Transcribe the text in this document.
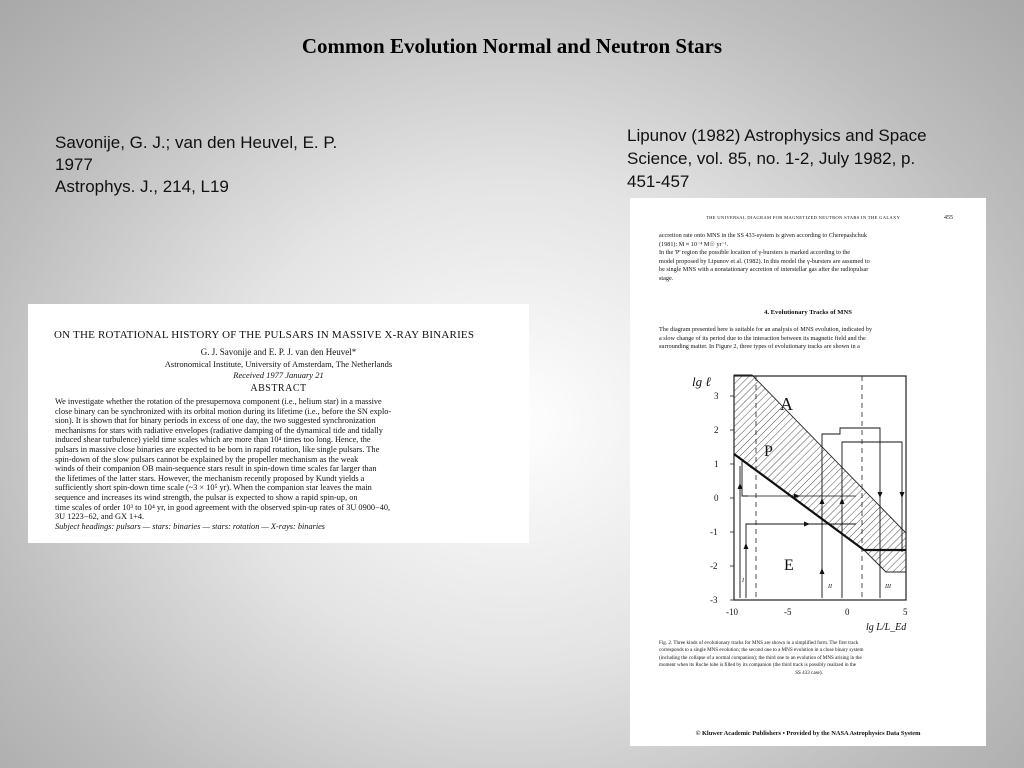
Common Evolution Normal and Neutron Stars
Savonije, G. J.; van den Heuvel, E. P.
1977
Astrophys. J., 214, L19
Lipunov (1982) Astrophysics and Space
Science, vol. 85, no. 1-2, July 1982, p.
451-457
ON THE ROTATIONAL HISTORY OF THE PULSARS IN MASSIVE X-RAY BINARIES
G. J. Savonije and E. P. J. van den Heuvel*
Astronomical Institute, University of Amsterdam, The Netherlands
Received 1977 January 21
ABSTRACT
We investigate whether the rotation of the presupernova component (i.e., helium star) in a massive
close binary can be synchronized with its orbital motion during its lifetime (i.e., before the SN explo-
sion). It is shown that for binary periods in excess of one day, the two suggested synchronization
mechanisms for stars with radiative envelopes (radiative damping of the dynamical tide and tidally
induced shear turbulence) yield time scales which are more than 10⁴ times too long. Hence, the
pulsars in massive close binaries are expected to be born in rapid rotation, like single pulsars. The
spin-down of the slow pulsars cannot be explained by the propeller mechanism as the weak
winds of their companion OB main-sequence stars result in spin-down time scales far larger than
the lifetimes of the latter stars. However, the mechanism recently proposed by Kundt yields a
sufficiently short spin-down time scale (~3 × 10⁵ yr). When the companion star leaves the main
sequence and increases its wind strength, the pulsar is expected to show a rapid spin-up, on
time scales of order 10³ to 10⁴ yr, in good agreement with the observed spin-up rates of 3U 0900−40,
3U 1223−62, and GX 1+4.
Subject headings: pulsars — stars: binaries — stars: rotation — X-rays: binaries
THE UNIVERSAL DIAGRAM FOR MAGNETIZED NEUTRON STARS IN THE GALAXY	455
accretion rate onto MNS in the SS 433-system is given according to Cherepashchuk
(1981): Ṁ ≈ 10⁻⁴ M☉ yr⁻¹.
In the 'P' region the possible location of γ-bursters is marked according to the
model proposed by Lipunov et al. (1982). In this model the γ-bursters are assumed to
be single MNS with a nonstationary accretion of interstellar gas after the radiopulsar
stage.
4. Evolutionary Tracks of MNS
The diagram presented here is suitable for an analysis of MNS evolution, indicated by
a slow change of its period due to the interaction between its magnetic field and the
surrounding matter. In Figure 2, three types of evolutionary tracks are shown in a
lg ℓ
lg L/L_Ed
3
2
1
0
-1
-2
-3
-10	-5	0	5
A
P
E
I
II	III
Fig. 2. Three kinds of evolutionary tracks for MNS are shown in a simplified form. The first track
corresponds to a single MNS evolution; the second one to a MNS evolution in a close binary system
(including the collapse of a normal companion); the third one to an evolution of MNS arising in the
moment when its Roche lobe is filled by its companion (the third track is possibly realized in the
SS 433 case).
© Kluwer Academic Publishers • Provided by the NASA Astrophysics Data System
